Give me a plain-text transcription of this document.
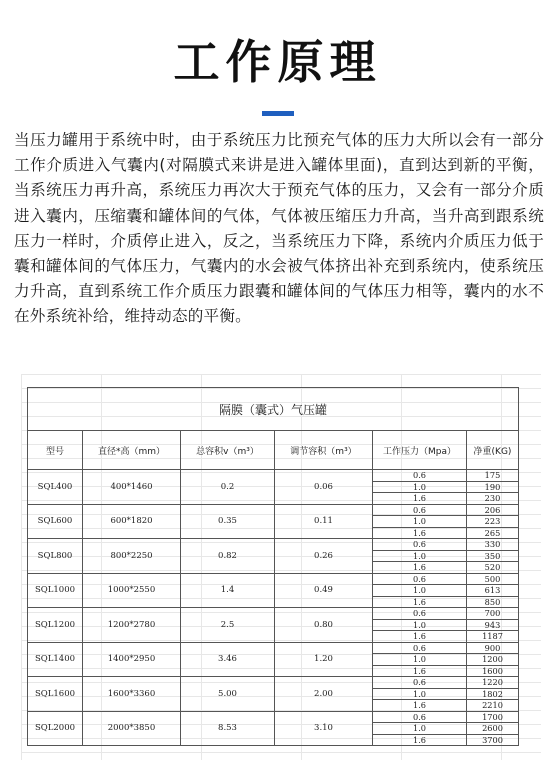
工作原理
当压力罐用于系统中时，由于系统压力比预充气体的压力大所以会有一部分工作介质进入气囊内(对隔膜式来讲是进入罐体里面)，直到达到新的平衡，当系统压力再升高，系统压力再次大于预充气体的压力，又会有一部分介质进入囊内，压缩囊和罐体间的气体，气体被压缩压力升高，当升高到跟系统压力一样时，介质停止进入，反之，当系统压力下降，系统内介质压力低于囊和罐体间的气体压力，气囊内的水会被气体挤出补充到系统内，使系统压力升高，直到系统工作介质压力跟囊和罐体间的气体压力相等，囊内的水不在外系统补给，维持动态的平衡。
隔膜（囊式）气压罐					
型号	直径*高（mm）	总容积v（m³）	调节容积（m³）	工作压力（Mpa）	净重(KG)
SQL400	400*1460	0.2	0.06	0.6	175
				1.0	190
				1.6	230
SQL600	600*1820	0.35	0.11	0.6	206
				1.0	223
				1.6	265
SQL800	800*2250	0.82	0.26	0.6	330
				1.0	350
				1.6	520
SQL1000	1000*2550	1.4	0.49	0.6	500
				1.0	613
				1.6	850
SQL1200	1200*2780	2.5	0.80	0.6	700
				1.0	943
				1.6	1187
SQL1400	1400*2950	3.46	1.20	0.6	900
				1.0	1200
				1.6	1600
SQL1600	1600*3360	5.00	2.00	0.6	1220
				1.0	1802
				1.6	2210
SQL2000	2000*3850	8.53	3.10	0.6	1700
				1.0	2600
				1.6	3700
